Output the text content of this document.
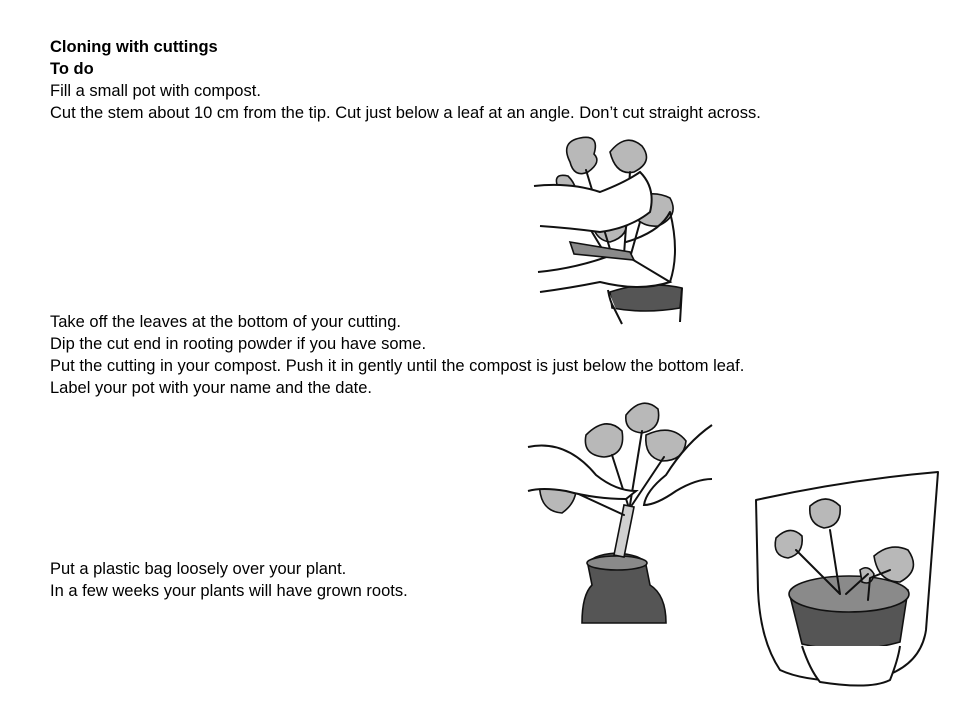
Cloning with cuttings
To do
Fill a small pot with compost.
Cut the stem about 10 cm from the tip. Cut just below a leaf at an angle. Don’t cut straight across.
Take off the leaves at the bottom of your cutting.
Dip the cut end in rooting powder if you have some.
Put the cutting in your compost. Push it in gently until the compost is just below the bottom leaf.
Label your pot with your name and the date.
Put a plastic bag loosely over your plant.
In a few weeks your plants will have grown roots.
